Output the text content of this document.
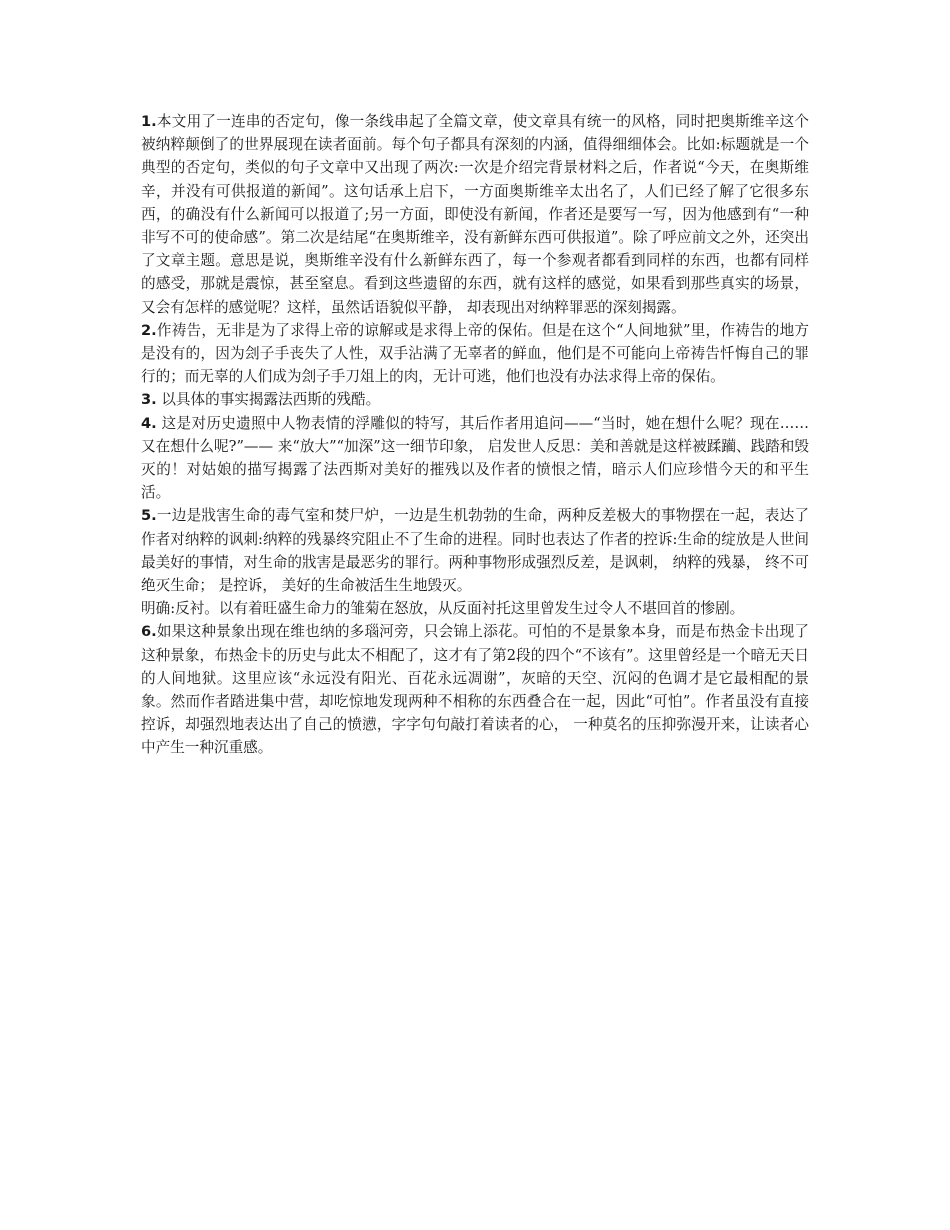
1.本文用了一连串的否定句，像一条线串起了全篇文章，使文章具有统一的风格，同时把奥斯维辛这个被纳粹颠倒了的世界展现在读者面前。每个句子都具有深刻的内涵，值得细细体会。比如:标题就是一个典型的否定句，类似的句子文章中又出现了两次:一次是介绍完背景材料之后，作者说“今天，在奥斯维辛，并没有可供报道的新闻”。这句话承上启下，一方面奥斯维辛太出名了，人们已经了解了它很多东西，的确没有什么新闻可以报道了;另一方面，即使没有新闻，作者还是要写一写，因为他感到有“一种非写不可的使命感”。第二次是结尾“在奥斯维辛，没有新鲜东西可供报道”。除了呼应前文之外，还突出了文章主题。意思是说，奥斯维辛没有什么新鲜东西了，每一个参观者都看到同样的东西，也都有同样的感受，那就是震惊，甚至窒息。看到这些遗留的东西，就有这样的感觉，如果看到那些真实的场景， 又会有怎样的感觉呢？这样，虽然话语貌似平静， 却表现出对纳粹罪恶的深刻揭露。

2.作祷告，无非是为了求得上帝的谅解或是求得上帝的保佑。但是在这个“人间地狱”里，作祷告的地方是没有的，因为刽子手丧失了人性，双手沾满了无辜者的鲜血，他们是不可能向上帝祷告忏悔自己的罪行的；而无辜的人们成为刽子手刀俎上的肉，无计可逃，他们也没有办法求得上帝的保佑。

3. 以具体的事实揭露法西斯的残酷。

4. 这是对历史遗照中人物表情的浮雕似的特写，其后作者用追问——“当时，她在想什么呢？现在……又在想什么呢?”—— 来“放大”“加深”这一细节印象， 启发世人反思：美和善就是这样被蹂躏、践踏和毁灭的！对姑娘的描写揭露了法西斯对美好的摧残以及作者的愤恨之情，暗示人们应珍惜今天的和平生活。

5.一边是戕害生命的毒气室和焚尸炉，一边是生机勃勃的生命，两种反差极大的事物摆在一起，表达了作者对纳粹的讽刺:纳粹的残暴终究阻止不了生命的进程。同时也表达了作者的控诉:生命的绽放是人世间最美好的事情，对生命的戕害是最恶劣的罪行。两种事物形成强烈反差，是讽刺， 纳粹的残暴， 终不可绝灭生命； 是控诉， 美好的生命被活生生地毁灭。

明确:反衬。以有着旺盛生命力的雏菊在怒放，从反面衬托这里曾发生过令人不堪回首的惨剧。

6.如果这种景象出现在维也纳的多瑙河旁，只会锦上添花。可怕的不是景象本身，而是布热金卡出现了这种景象，布热金卡的历史与此太不相配了，这才有了第2段的四个“不该有”。这里曾经是一个暗无天日的人间地狱。这里应该“永远没有阳光、百花永远凋谢”，灰暗的天空、沉闷的色调才是它最相配的景象。然而作者踏进集中营，却吃惊地发现两种不相称的东西叠合在一起，因此“可怕”。作者虽没有直接控诉，却强烈地表达出了自己的愤懑，字字句句敲打着读者的心， 一种莫名的压抑弥漫开来，让读者心中产生一种沉重感。
